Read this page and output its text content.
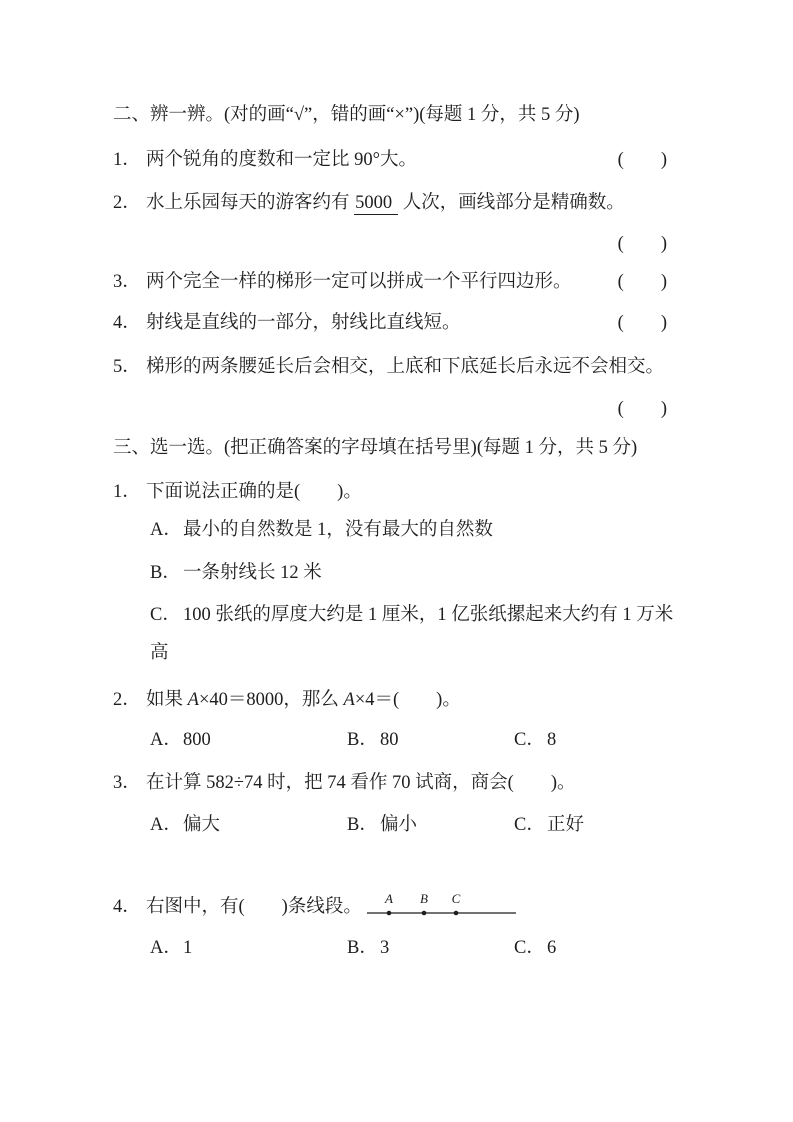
二、辨一辨。(对的画“√”，错的画“×”)(每题 1 分，共 5 分)
1． 两个锐角的度数和一定比 90°大。	(　　)
2． 水上乐园每天的游客约有 5000 人次，画线部分是精确数。
(　　)
3． 两个完全一样的梯形一定可以拼成一个平行四边形。 (　　)
4． 射线是直线的一部分，射线比直线短。	(　　)
5． 梯形的两条腰延长后会相交，上底和下底延长后永远不会相交。
(　　)
三、选一选。(把正确答案的字母填在括号里)(每题 1 分，共 5 分)
1． 下面说法正确的是(　　)。
A．最小的自然数是 1，没有最大的自然数
B． 一条射线长 12 米
C． 100 张纸的厚度大约是 1 厘米，1 亿张纸摞起来大约有 1 万米
高
2． 如果 A×40＝8000，那么 A×4＝(　　)。
A．800	B． 80	C． 8
3． 在计算 582÷74 时，把 74 看作 70 试商，商会(　　)。
A．偏大	B． 偏小	C． 正好
4． 右图中，有(　　)条线段。	A B C
A．1	B． 3	C． 6
